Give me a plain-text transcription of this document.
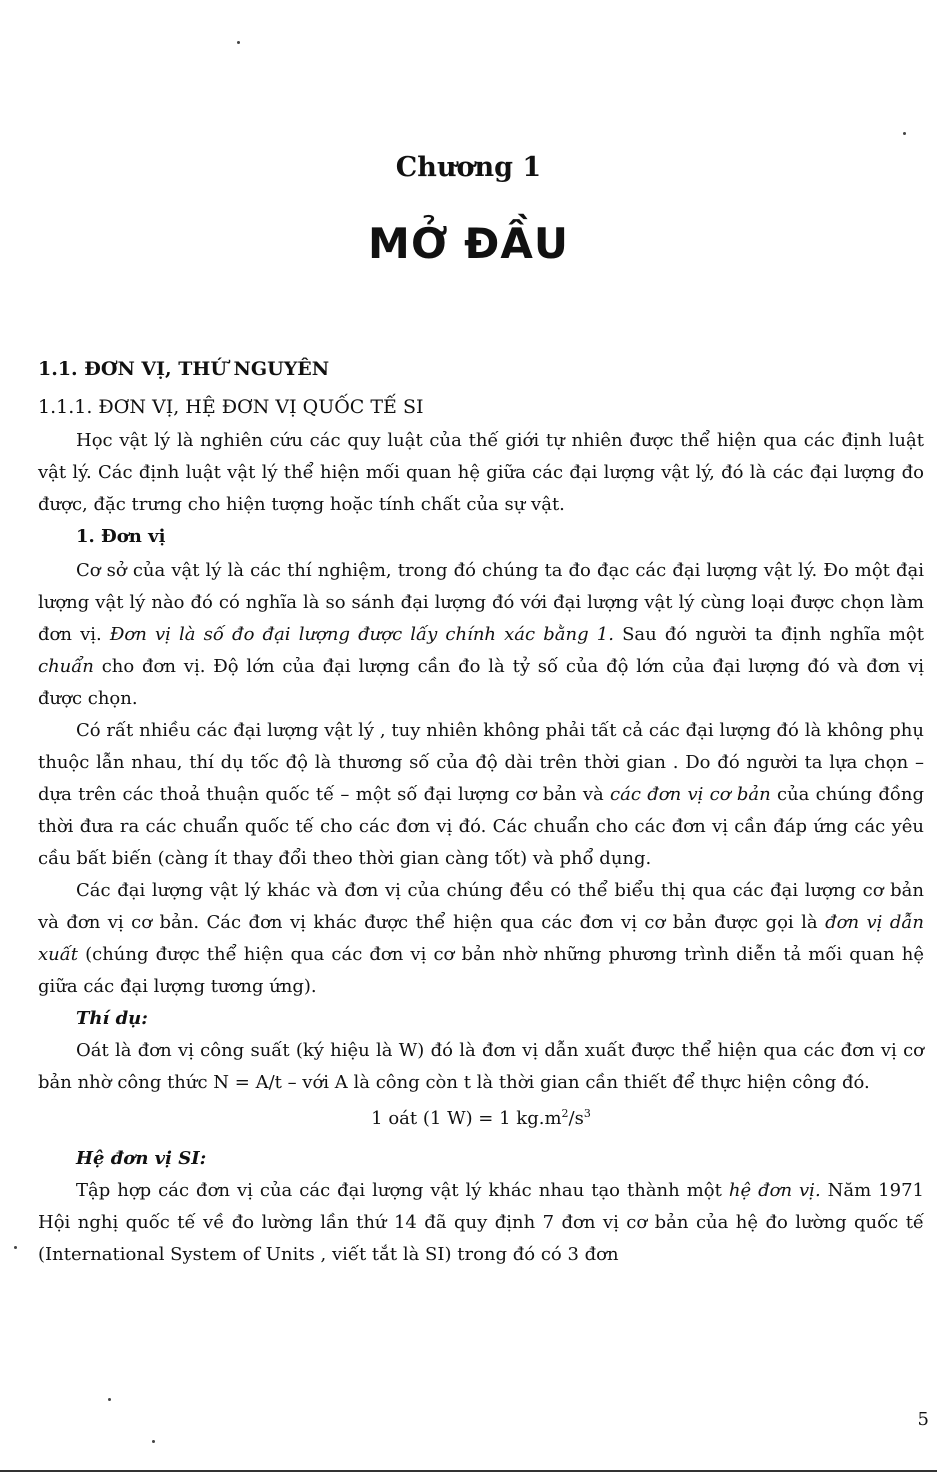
Chương 1
MỞ ĐẦU
1.1. ĐƠN VỊ, THỨ NGUYÊN
1.1.1. ĐƠN VỊ, HỆ ĐƠN VỊ QUỐC TẾ SI

Học vật lý là nghiên cứu các quy luật của thế giới tự nhiên được thể hiện qua các định luật vật lý. Các định luật vật lý thể hiện mối quan hệ giữa các đại lượng vật lý, đó là các đại lượng đo được, đặc trưng cho hiện tượng hoặc tính chất của sự vật.

1. Đơn vị

Cơ sở của vật lý là các thí nghiệm, trong đó chúng ta đo đạc các đại lượng vật lý. Đo một đại lượng vật lý nào đó có nghĩa là so sánh đại lượng đó với đại lượng vật lý cùng loại được chọn làm đơn vị. Đơn vị là số đo đại lượng được lấy chính xác bằng 1. Sau đó người ta định nghĩa một chuẩn cho đơn vị. Độ lớn của đại lượng cần đo là tỷ số của độ lớn của đại lượng đó và đơn vị được chọn.

Có rất nhiều các đại lượng vật lý , tuy nhiên không phải tất cả các đại lượng đó là không phụ thuộc lẫn nhau, thí dụ tốc độ là thương số của độ dài trên thời gian . Do đó người ta lựa chọn – dựa trên các thoả thuận quốc tế – một số đại lượng cơ bản và các đơn vị cơ bản của chúng đồng thời đưa ra các chuẩn quốc tế cho các đơn vị đó. Các chuẩn cho các đơn vị cần đáp ứng các yêu cầu bất biến (càng ít thay đổi theo thời gian càng tốt) và phổ dụng.

Các đại lượng vật lý khác và đơn vị của chúng đều có thể biểu thị qua các đại lượng cơ bản và đơn vị cơ bản. Các đơn vị khác được thể hiện qua các đơn vị cơ bản được gọi là đơn vị dẫn xuất (chúng được thể hiện qua các đơn vị cơ bản nhờ những phương trình diễn tả mối quan hệ giữa các đại lượng tương ứng).

Thí dụ:

Oát là đơn vị công suất (ký hiệu là W) đó là đơn vị dẫn xuất được thể hiện qua các đơn vị cơ bản nhờ công thức N = A/t – với A là công còn t là thời gian cần thiết để thực hiện công đó.

1 oát (1 W) = 1 $kg.m^2/s^3$
Hệ đơn vị SI:

Tập hợp các đơn vị của các đại lượng vật lý khác nhau tạo thành một hệ đơn vị. Năm 1971 Hội nghị quốc tế về đo lường lần thứ 14 đã quy định 7 đơn vị cơ bản của hệ đo lường quốc tế (International System of Units , viết tắt là SI) trong đó có 3 đơn

5
